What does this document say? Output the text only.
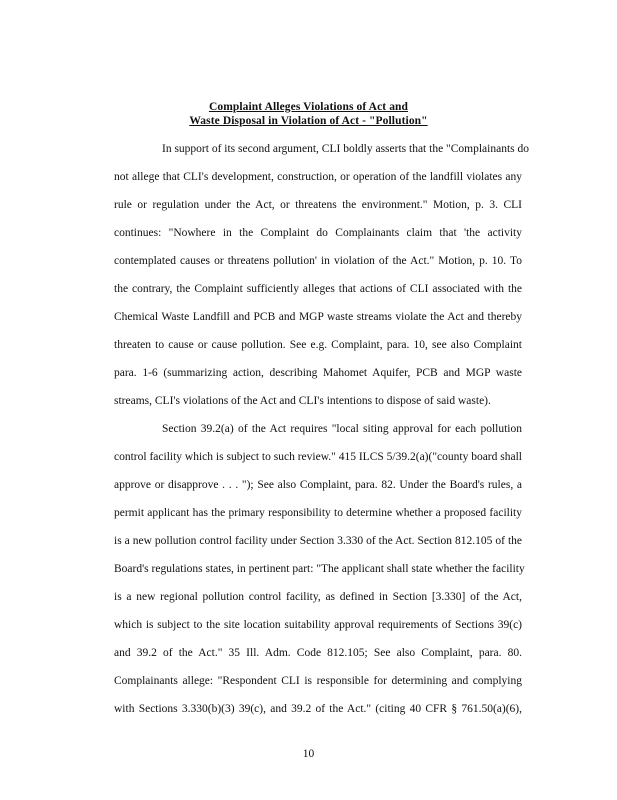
Complaint Alleges Violations of Act and
Waste Disposal in Violation of Act - "Pollution"
In support of its second argument, CLI boldly asserts that the "Complainants do
not allege that CLI's development, construction, or operation of the landfill violates any
rule or regulation under the Act, or threatens the environment." Motion, p. 3. CLI
continues: "Nowhere in the Complaint do Complainants claim that 'the activity
contemplated causes or threatens pollution' in violation of the Act." Motion, p. 10. To
the contrary, the Complaint sufficiently alleges that actions of CLI associated with the
Chemical Waste Landfill and PCB and MGP waste streams violate the Act and thereby
threaten to cause or cause pollution. See e.g. Complaint, para. 10, see also Complaint
para. 1-6 (summarizing action, describing Mahomet Aquifer, PCB and MGP waste
streams, CLI's violations of the Act and CLI's intentions to dispose of said waste).
Section 39.2(a) of the Act requires "local siting approval for each pollution
control facility which is subject to such review." 415 ILCS 5/39.2(a)("county board shall
approve or disapprove . . . "); See also Complaint, para. 82. Under the Board's rules, a
permit applicant has the primary responsibility to determine whether a proposed facility
is a new pollution control facility under Section 3.330 of the Act. Section 812.105 of the
Board's regulations states, in pertinent part: "The applicant shall state whether the facility
is a new regional pollution control facility, as defined in Section [3.330] of the Act,
which is subject to the site location suitability approval requirements of Sections 39(c)
and 39.2 of the Act." 35 Ill. Adm. Code 812.105; See also Complaint, para. 80.
Complainants allege: "Respondent CLI is responsible for determining and complying
with Sections 3.330(b)(3) 39(c), and 39.2 of the Act." (citing 40 CFR § 761.50(a)(6),
10
